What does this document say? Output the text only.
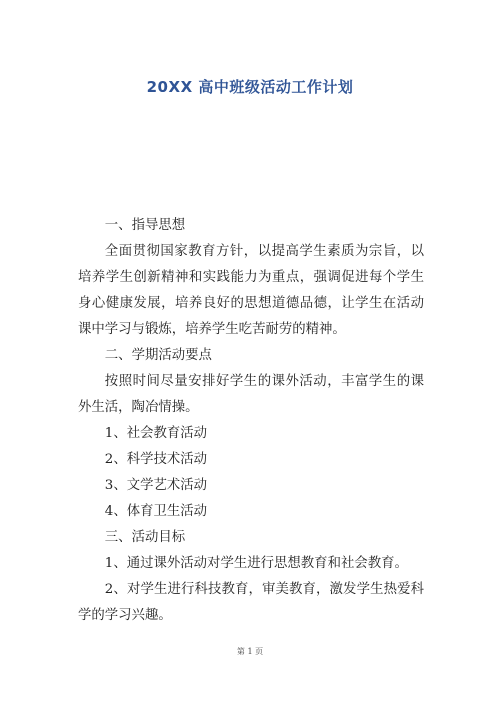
20XX 高中班级活动工作计划

一、指导思想

全面贯彻国家教育方针，以提高学生素质为宗旨，以培养学生创新精神和实践能力为重点，强调促进每个学生身心健康发展，培养良好的思想道德品德，让学生在活动课中学习与锻炼，培养学生吃苦耐劳的精神。

二、学期活动要点

按照时间尽量安排好学生的课外活动，丰富学生的课外生活，陶冶情操。

1、社会教育活动

2、科学技术活动

3、文学艺术活动

4、体育卫生活动

三、活动目标

1、通过课外活动对学生进行思想教育和社会教育。

2、对学生进行科技教育，审美教育，激发学生热爱科学的学习兴趣。

第 1 页
